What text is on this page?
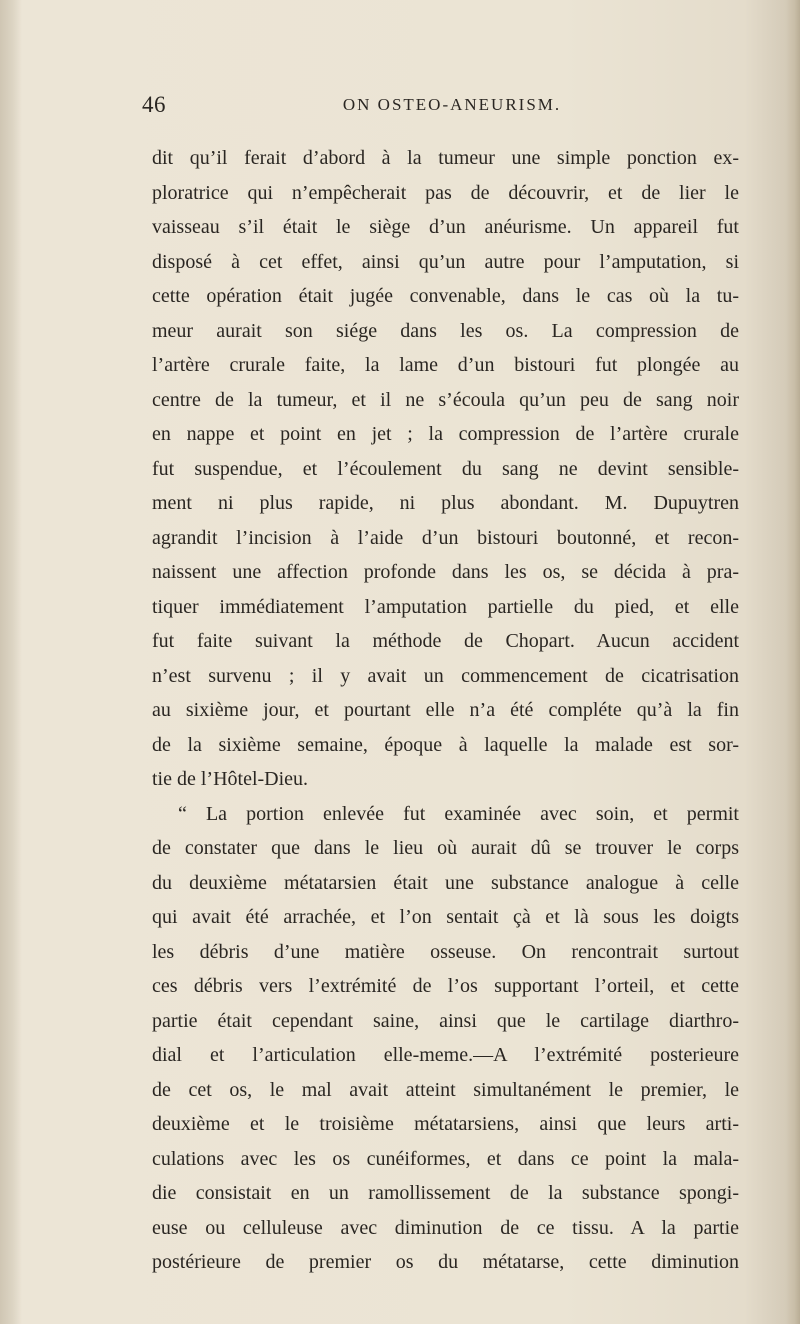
46	ON OSTEO-ANEURISM.
dit qu’il ferait d’abord à la tumeur une simple ponction ex-
ploratrice qui n’empêcherait pas de découvrir, et de lier le
vaisseau s’il était le siège d’un anéurisme. Un appareil fut
disposé à cet effet, ainsi qu’un autre pour l’amputation, si
cette opération était jugée convenable, dans le cas où la tu-
meur aurait son siége dans les os. La compression de
l’artère crurale faite, la lame d’un bistouri fut plongée au
centre de la tumeur, et il ne s’écoula qu’un peu de sang noir
en nappe et point en jet ; la compression de l’artère crurale
fut suspendue, et l’écoulement du sang ne devint sensible-
ment ni plus rapide, ni plus abondant. M. Dupuytren
agrandit l’incision à l’aide d’un bistouri boutonné, et recon-
naissent une affection profonde dans les os, se décida à pra-
tiquer immédiatement l’amputation partielle du pied, et elle
fut faite suivant la méthode de Chopart. Aucun accident
n’est survenu ; il y avait un commencement de cicatrisation
au sixième jour, et pourtant elle n’a été compléte qu’à la fin
de la sixième semaine, époque à laquelle la malade est sor-
tie de l’Hôtel-Dieu.
“ La portion enlevée fut examinée avec soin, et permit
de constater que dans le lieu où aurait dû se trouver le corps
du deuxième métatarsien était une substance analogue à celle
qui avait été arrachée, et l’on sentait çà et là sous les doigts
les débris d’une matière osseuse. On rencontrait surtout
ces débris vers l’extrémité de l’os supportant l’orteil, et cette
partie était cependant saine, ainsi que le cartilage diarthro-
dial et l’articulation elle-meme.—A l’extrémité posterieure
de cet os, le mal avait atteint simultanément le premier, le
deuxième et le troisième métatarsiens, ainsi que leurs arti-
culations avec les os cunéiformes, et dans ce point la mala-
die consistait en un ramollissement de la substance spongi-
euse ou celluleuse avec diminution de ce tissu. A la partie
postérieure de premier os du métatarse, cette diminution
